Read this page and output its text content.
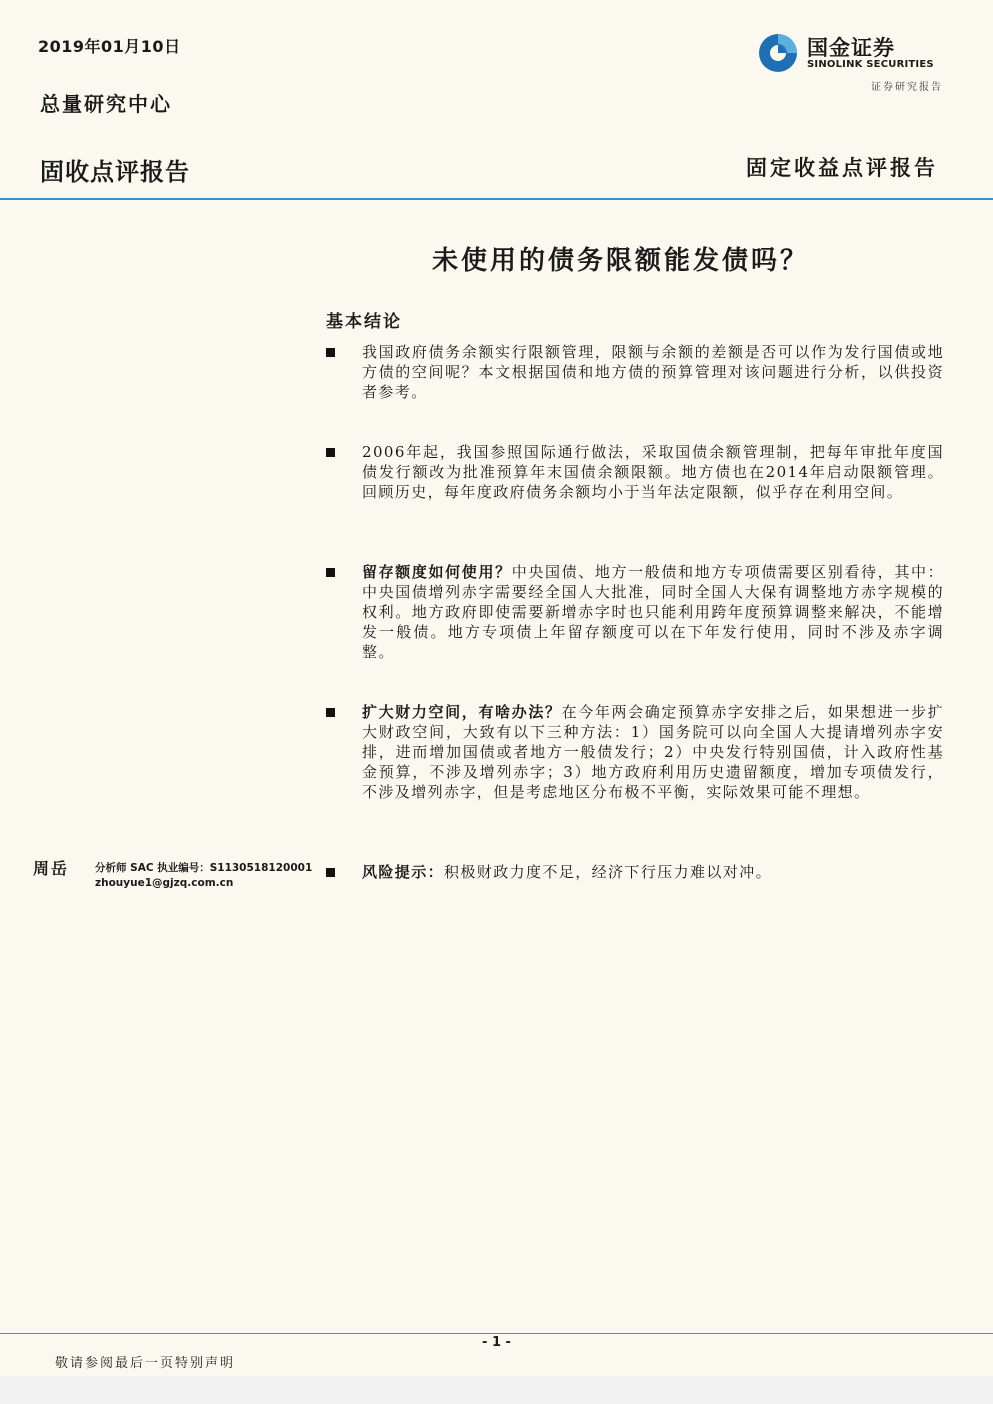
2019年01月10日
总量研究中心
固收点评报告	固定收益点评报告
国金证券
SINOLINK SECURITIES
证券研究报告
未使用的债务限额能发债吗？
基本结论
我国政府债务余额实行限额管理，限额与余额的差额是否可以作为发行国债或地方债的空间呢？本文根据国债和地方债的预算管理对该问题进行分析，以供投资者参考。
2006年起，我国参照国际通行做法，采取国债余额管理制，把每年审批年度国债发行额改为批准预算年末国债余额限额。地方债也在2014年启动限额管理。回顾历史，每年度政府债务余额均小于当年法定限额，似乎存在利用空间。
留存额度如何使用？中央国债、地方一般债和地方专项债需要区别看待，其中：中央国债增列赤字需要经全国人大批准，同时全国人大保有调整地方赤字规模的权利。地方政府即使需要新增赤字时也只能利用跨年度预算调整来解决，不能增发一般债。地方专项债上年留存额度可以在下年发行使用，同时不涉及赤字调整。
扩大财力空间，有啥办法？在今年两会确定预算赤字安排之后，如果想进一步扩大财政空间，大致有以下三种方法：1）国务院可以向全国人大提请增列赤字安排，进而增加国债或者地方一般债发行；2）中央发行特别国债，计入政府性基金预算，不涉及增列赤字；3）地方政府利用历史遗留额度，增加专项债发行，不涉及增列赤字，但是考虑地区分布极不平衡，实际效果可能不理想。
风险提示：积极财政力度不足，经济下行压力难以对冲。
周岳 分析师 SAC 执业编号：S1130518120001
zhouyue1@gjzq.com.cn
- 1 -
敬请参阅最后一页特别声明
